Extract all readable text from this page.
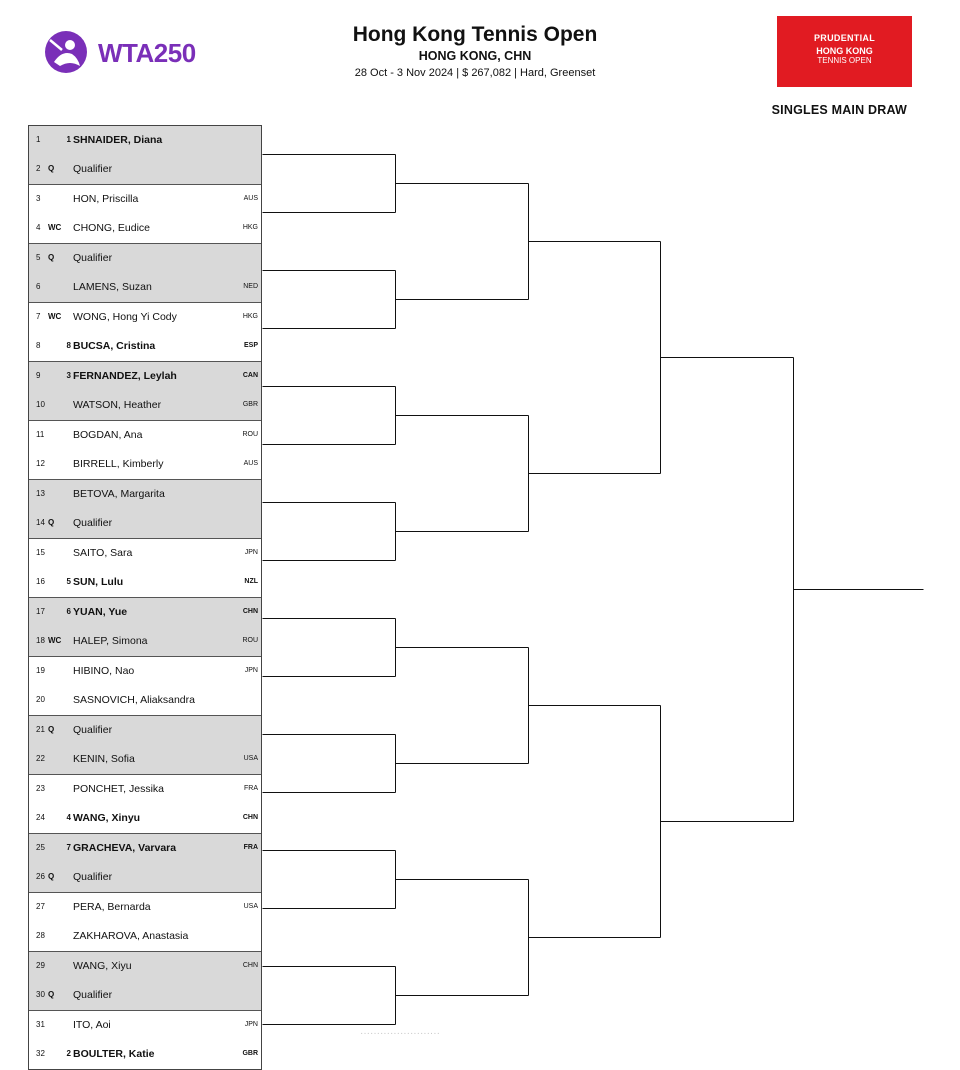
WTA250
Hong Kong Tennis Open
HONG KONG, CHN
28 Oct - 3 Nov 2024 | $ 267,082 | Hard, Greenset
PRUDENTIAL
HONG KONG
TENNIS OPEN
SINGLES MAIN DRAW
1	1 SHNAIDER, Diana
2 Q Qualifier
3	HON, Priscilla	AUS
4 WC CHONG, Eudice	HKG
5 Q Qualifier
6	LAMENS, Suzan	NED
7 WC WONG, Hong Yi Cody	HKG
8	8 BUCSA, Cristina	ESP
9	3 FERNANDEZ, Leylah	CAN
10	WATSON, Heather	GBR
11	BOGDAN, Ana	ROU
12	BIRRELL, Kimberly	AUS
13	BETOVA, Margarita
14 Q Qualifier
15	SAITO, Sara	JPN
16	5 SUN, Lulu	NZL
17	6 YUAN, Yue	CHN
18 WC HALEP, Simona	ROU
19	HIBINO, Nao	JPN
20	SASNOVICH, Aliaksandra
21 Q Qualifier
22	KENIN, Sofia	USA
23	PONCHET, Jessika	FRA
24	4 WANG, Xinyu	CHN
25	7 GRACHEVA, Varvara	FRA
26 Q Qualifier
27	PERA, Bernarda	USA
28	ZAKHAROVA, Anastasia
29	WANG, Xiyu	CHN
30 Q Qualifier
31	ITO, Aoi	JPN
32	2 BOULTER, Katie	GBR
························
